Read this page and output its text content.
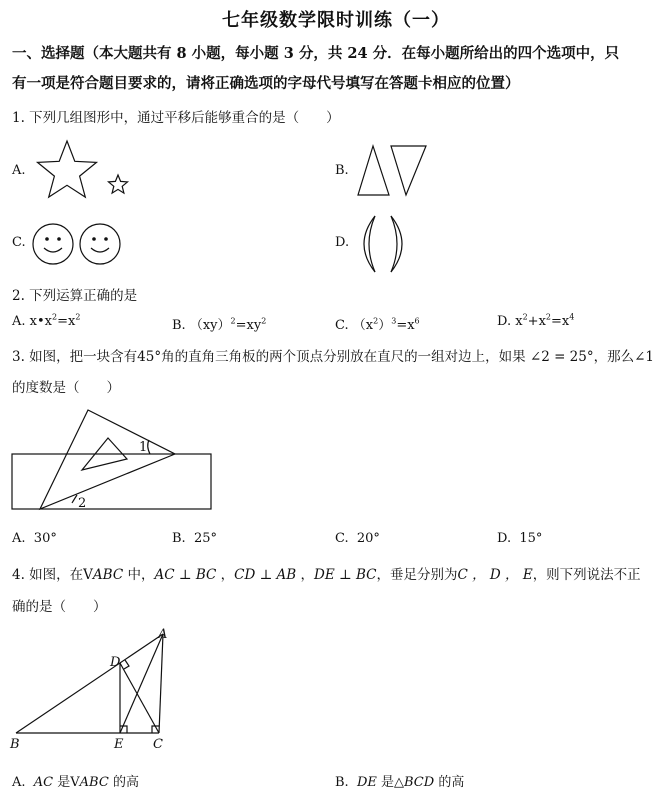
七年级数学限时训练（一）
一、选择题（本大题共有 8 小题，每小题 3 分，共 24 分．在每小题所给出的四个选项中，只
有一项是符合题目要求的，请将正确选项的字母代号填写在答题卡相应的位置）
1. 下列几组图形中，通过平移后能够重合的是（　　）
A.	B.
C.	D.
2. 下列运算正确的是
A. $x•x^2=x^2$
B. $(xy)^2=xy^2$	C. $(x^2)^3=x^6$	D. $x^2+x^2=x^4$
3. 如图，把一块含有45°角的直角三角板的两个顶点分别放在直尺的一组对边上，如果 ∠2 = 25°，那么∠1
的度数是（　　）
1
2
A. 30°	B. 25°	C. 20°	D. 15°
4. 如图，在VABC 中，AC ⊥ BC ，CD ⊥ AB ，DE ⊥ BC，垂足分别为C ， D ， E，则下列说法不正
确的是（　　）
A
B	C
D
E
A. AC 是VABC 的高	B. DE 是△BCD 的高
